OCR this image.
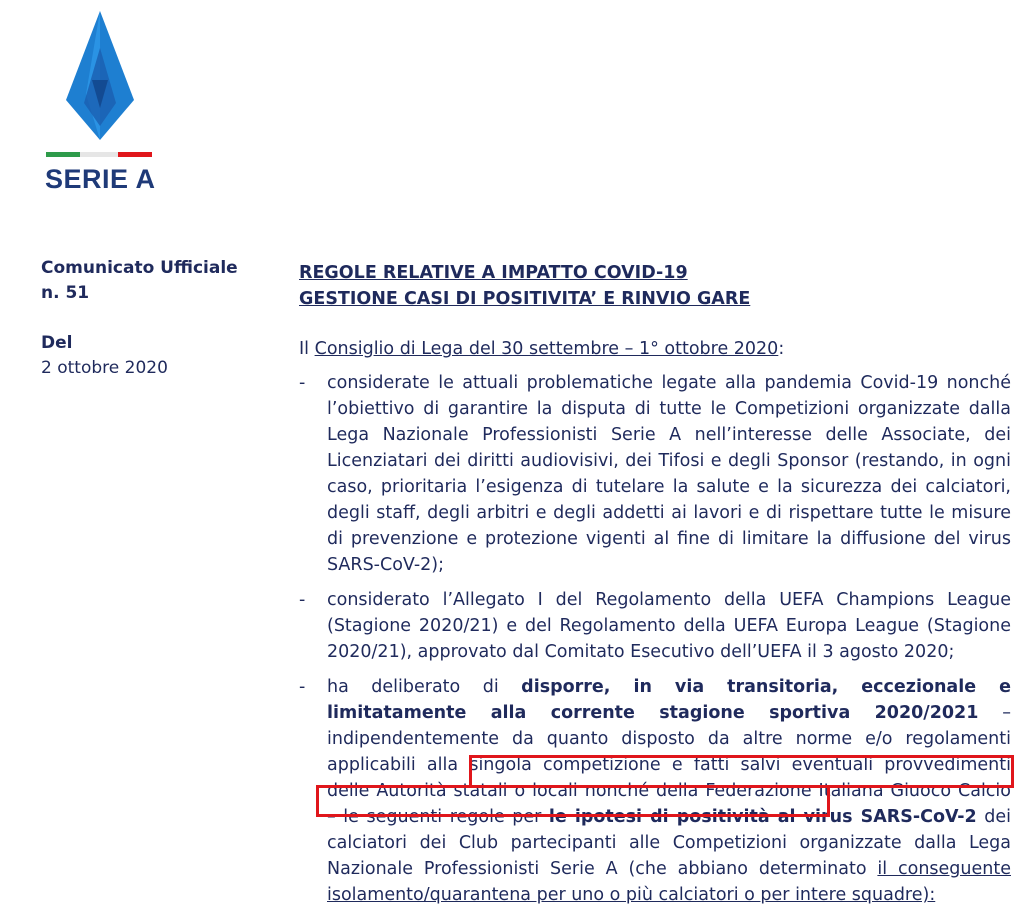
SERIE A
Comunicato Ufficiale
n. 51
Del
2 ottobre 2020
REGOLE RELATIVE A IMPATTO COVID-19
GESTIONE CASI DI POSITIVITA’ E RINVIO GARE
Il Consiglio di Lega del 30 settembre – 1° ottobre 2020:
- considerate le attuali problematiche legate alla pandemia Covid-19 nonché l’obiettivo di garantire la disputa di tutte le Competizioni organizzate dalla Lega Nazionale Professionisti Serie A nell’interesse delle Associate, dei Licenziatari dei diritti audiovisivi, dei Tifosi e degli Sponsor (restando, in ogni caso, prioritaria l’esigenza di tutelare la salute e la sicurezza dei calciatori, degli staff, degli arbitri e degli addetti ai lavori e di rispettare tutte le misure di prevenzione e protezione vigenti al fine di limitare la diffusione del virus SARS-CoV-2);
- considerato l’Allegato I del Regolamento della UEFA Champions League (Stagione 2020/21) e del Regolamento della UEFA Europa League (Stagione 2020/21), approvato dal Comitato Esecutivo dell’UEFA il 3 agosto 2020;
- ha deliberato di disporre, in via transitoria, eccezionale e limitatamente alla corrente stagione sportiva 2020/2021 – indipendentemente da quanto disposto da altre norme e/o regolamenti applicabili alla singola competizione e fatti salvi eventuali provvedimenti delle Autorità statali o locali nonché della Federazione Italiana Giuoco Calcio – le seguenti regole per le ipotesi di positività al virus SARS-CoV-2 dei calciatori dei Club partecipanti alle Competizioni organizzate dalla Lega Nazionale Professionisti Serie A (che abbiano determinato il conseguente isolamento/quarantena per uno o più calciatori o per intere squadre):
